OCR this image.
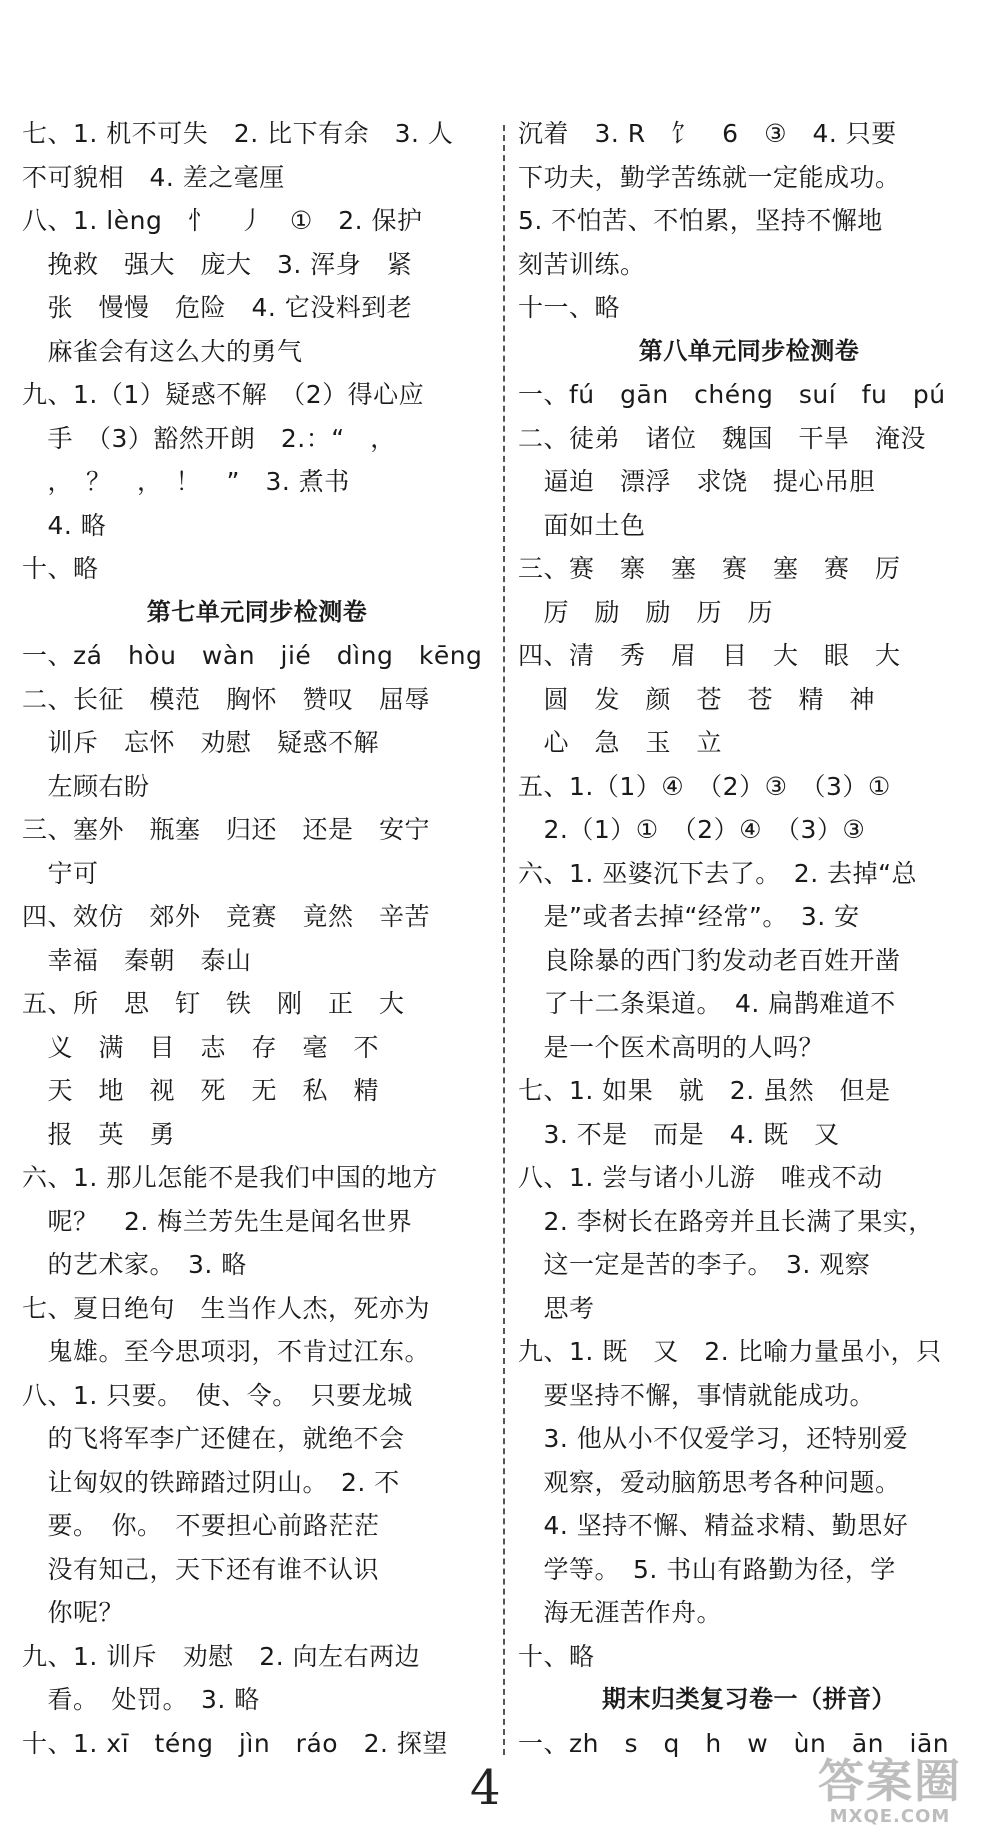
七、1. 机不可失　2. 比下有余　3. 人
不可貌相　4. 差之毫厘
八、1. lèng　忄　丿　①　2. 保护
　挽救　强大　庞大　3. 浑身　紧
　张　慢慢　危险　4. 它没料到老
　麻雀会有这么大的勇气
九、1.（1）疑惑不解　（2）得心应
　手　（3）豁然开朗　2.：“　，
　，　？　，　！　”　3. 煮书
　4. 略
十、略
第七单元同步检测卷
一、zá　hòu　wàn　jié　dìng　kēng
二、长征　模范　胸怀　赞叹　屈辱
　训斥　忘怀　劝慰　疑惑不解
　左顾右盼
三、塞外　瓶塞　归还　还是　安宁
　宁可
四、效仿　郊外　竞赛　竟然　辛苦
　幸福　秦朝　泰山
五、所　思　钉　铁　刚　正　大
　义　满　目　志　存　毫　不
　天　地　视　死　无　私　精
　报　英　勇
六、1. 那儿怎能不是我们中国的地方
　呢？　2. 梅兰芳先生是闻名世界
　的艺术家。　3. 略
七、夏日绝句　生当作人杰，死亦为
　鬼雄。至今思项羽，不肯过江东。
八、1. 只要。　使、令。　只要龙城
　的飞将军李广还健在，就绝不会
　让匈奴的铁蹄踏过阴山。　2. 不
　要。　你。　不要担心前路茫茫
　没有知己，天下还有谁不认识
　你呢？
九、1. 训斥　劝慰　2. 向左右两边
　看。　处罚。　3. 略
十、1. xī　téng　jìn　ráo　2. 探望
沉着　3. R　饣　6　③　4. 只要
下功夫，勤学苦练就一定能成功。
5. 不怕苦、不怕累，坚持不懈地
刻苦训练。
十一、略
第八单元同步检测卷
一、fú　gān　chéng　suí　fu　pú
二、徒弟　诸位　魏国　干旱　淹没
　逼迫　漂浮　求饶　提心吊胆
　面如土色
三、赛　寨　塞　赛　塞　赛　厉
　厉　励　励　历　历
四、清　秀　眉　目　大　眼　大
　圆　发　颜　苍　苍　精　神
　心　急　玉　立
五、1.（1）④　（2）③　（3）①
　2.（1）①　（2）④　（3）③
六、1. 巫婆沉下去了。　2. 去掉“总
　是”或者去掉“经常”。　3. 安
　良除暴的西门豹发动老百姓开凿
　了十二条渠道。　4. 扁鹊难道不
　是一个医术高明的人吗？
七、1. 如果　就　2. 虽然　但是
　3. 不是　而是　4. 既　又
八、1. 尝与诸小儿游　唯戎不动
　2. 李树长在路旁并且长满了果实，
　这一定是苦的李子。　3. 观察
　思考
九、1. 既　又　2. 比喻力量虽小，只
　要坚持不懈，事情就能成功。
　3. 他从小不仅爱学习，还特别爱
　观察，爱动脑筋思考各种问题。
　4. 坚持不懈、精益求精、勤思好
　学等。　5. 书山有路勤为径，学
　海无涯苦作舟。
十、略
期末归类复习卷一（拼音）
一、zh　s　q　h　w　ùn　ān　iān
4	答案圈
MXQE.COM
